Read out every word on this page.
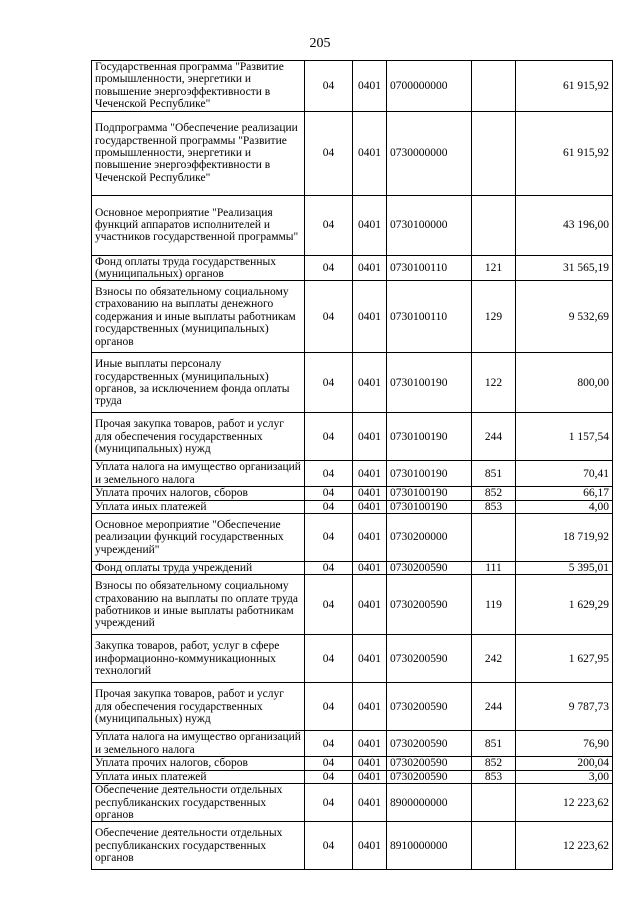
205
Государственная программа "Развитие промышленности, энергетики и повышение энергоэффективности в Чеченской Республике"	04	0401	0700000000		61 915,92
Подпрограмма "Обеспечение реализации государственной программы "Развитие промышленности, энергетики и повышение энергоэффективности в Чеченской Республике"	04	0401	0730000000		61 915,92
Основное мероприятие "Реализация функций аппаратов исполнителей и участников государственной программы"	04	0401	0730100000		43 196,00
Фонд оплаты труда государственных (муниципальных) органов	04	0401	0730100110	121	31 565,19
Взносы по обязательному социальному страхованию на выплаты денежного содержания и иные выплаты работникам государственных (муниципальных) органов	04	0401	0730100110	129	9 532,69
Иные выплаты персоналу государственных (муниципальных) органов, за исключением фонда оплаты труда	04	0401	0730100190	122	800,00
Прочая закупка товаров, работ и услуг для обеспечения государственных (муниципальных) нужд	04	0401	0730100190	244	1 157,54
Уплата налога на имущество организаций и земельного налога	04	0401	0730100190	851	70,41
Уплата прочих налогов, сборов	04	0401	0730100190	852	66,17
Уплата иных платежей	04	0401	0730100190	853	4,00
Основное мероприятие "Обеспечение реализации функций государственных учреждений"	04	0401	0730200000		18 719,92
Фонд оплаты труда учреждений	04	0401	0730200590	111	5 395,01
Взносы по обязательному социальному страхованию на выплаты по оплате труда работников и иные выплаты работникам учреждений	04	0401	0730200590	119	1 629,29
Закупка товаров, работ, услуг в сфере информационно-коммуникационных технологий	04	0401	0730200590	242	1 627,95
Прочая закупка товаров, работ и услуг для обеспечения государственных (муниципальных) нужд	04	0401	0730200590	244	9 787,73
Уплата налога на имущество организаций и земельного налога	04	0401	0730200590	851	76,90
Уплата прочих налогов, сборов	04	0401	0730200590	852	200,04
Уплата иных платежей	04	0401	0730200590	853	3,00
Обеспечение деятельности отдельных республиканских государственных органов	04	0401	8900000000		12 223,62
Обеспечение деятельности отдельных республиканских государственных органов	04	0401	8910000000		12 223,62
